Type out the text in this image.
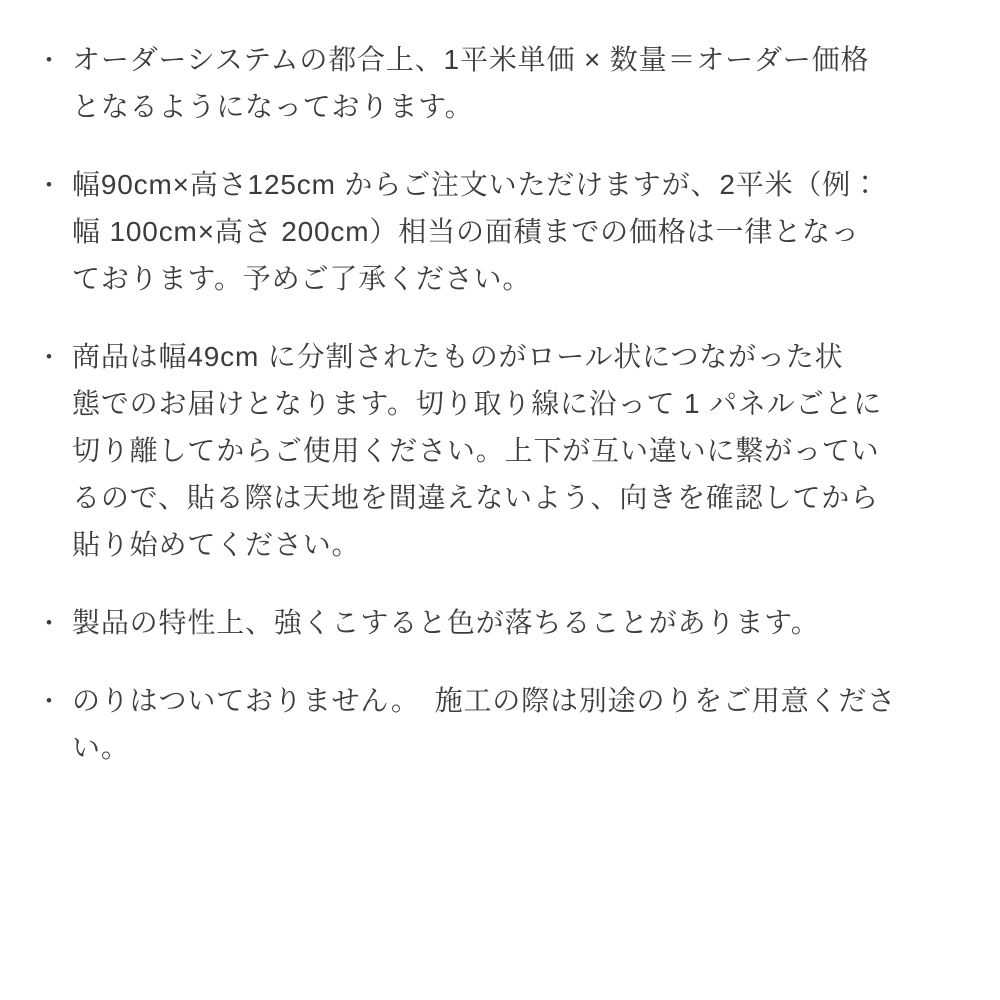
• オーダーシステムの都合上、1平米単価 × 数量＝オーダー価格
となるようになっております。
• 幅90cm×高さ125cm からご注文いただけますが、2平米（例：
幅 100cm×高さ 200cm）相当の面積までの価格は一律となっ
ております。予めご了承ください。
• 商品は幅49cm に分割されたものがロール状につながった状
態でのお届けとなります。切り取り線に沿って 1 パネルごとに
切り離してからご使用ください。上下が互い違いに繋がってい
るので、貼る際は天地を間違えないよう、向きを確認してから
貼り始めてください。
• 製品の特性上、強くこすると色が落ちることがあります。
• のりはついておりません。　施工の際は別途のりをご用意くださ
い。
